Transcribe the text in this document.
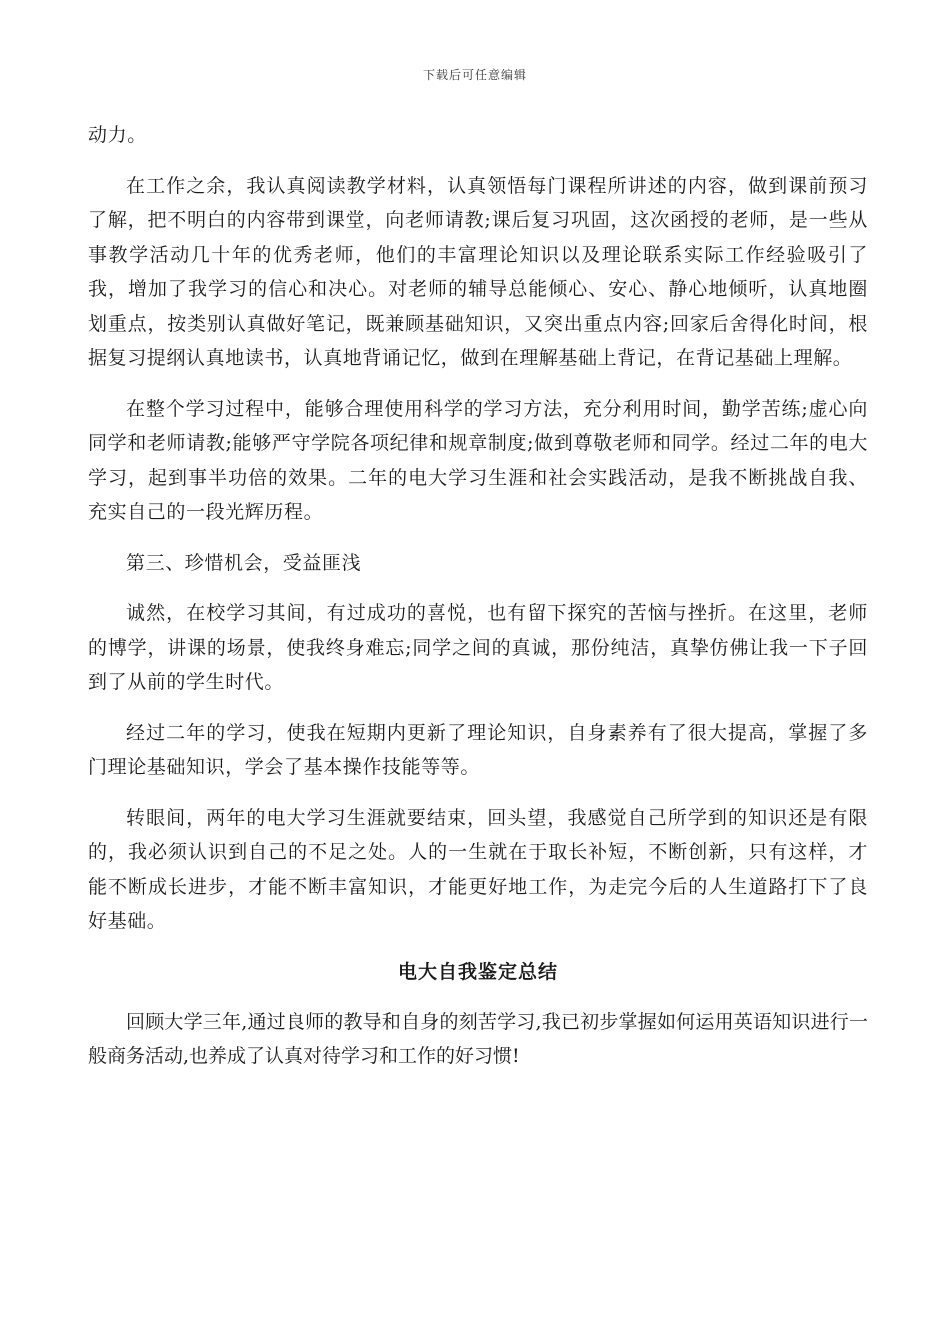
下载后可任意编辑

动力。

在工作之余，我认真阅读教学材料，认真领悟每门课程所讲述的内容，做到课前预习了解，把不明白的内容带到课堂，向老师请教;课后复习巩固，这次函授的老师，是一些从事教学活动几十年的优秀老师，他们的丰富理论知识以及理论联系实际工作经验吸引了我，增加了我学习的信心和决心。对老师的辅导总能倾心、安心、静心地倾听，认真地圈划重点，按类别认真做好笔记，既兼顾基础知识，又突出重点内容;回家后舍得化时间，根据复习提纲认真地读书，认真地背诵记忆，做到在理解基础上背记，在背记基础上理解。

在整个学习过程中，能够合理使用科学的学习方法，充分利用时间，勤学苦练;虚心向同学和老师请教;能够严守学院各项纪律和规章制度;做到尊敬老师和同学。经过二年的电大学习，起到事半功倍的效果。二年的电大学习生涯和社会实践活动，是我不断挑战自我、充实自己的一段光辉历程。

第三、珍惜机会，受益匪浅

诚然，在校学习其间，有过成功的喜悦，也有留下探究的苦恼与挫折。在这里，老师的博学，讲课的场景，使我终身难忘;同学之间的真诚，那份纯洁，真挚仿佛让我一下子回到了从前的学生时代。

经过二年的学习，使我在短期内更新了理论知识，自身素养有了很大提高，掌握了多门理论基础知识，学会了基本操作技能等等。

转眼间，两年的电大学习生涯就要结束，回头望，我感觉自己所学到的知识还是有限的，我必须认识到自己的不足之处。人的一生就在于取长补短，不断创新，只有这样，才能不断成长进步，才能不断丰富知识，才能更好地工作，为走完今后的人生道路打下了良好基础。

电大自我鉴定总结

回顾大学三年,通过良师的教导和自身的刻苦学习,我已初步掌握如何运用英语知识进行一般商务活动,也养成了认真对待学习和工作的好习惯!
